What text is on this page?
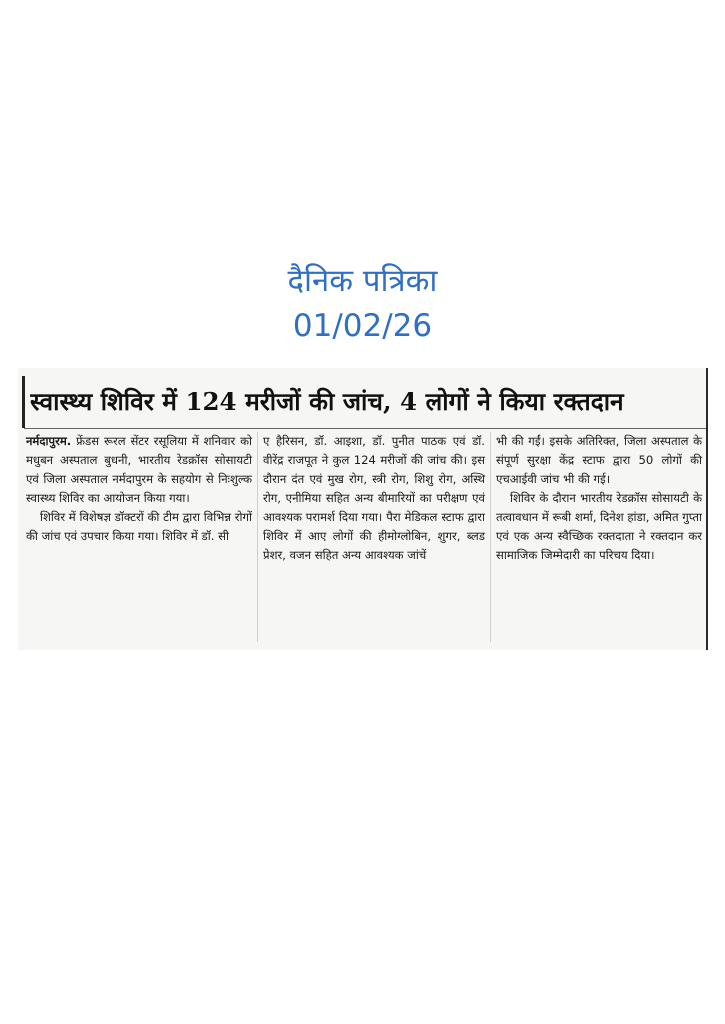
दैनिक पत्रिका
01/02/26
स्वास्थ्य शिविर में 124 मरीजों की जांच, 4 लोगों ने किया रक्तदान

नर्मदापुरम. फ्रेंडस रूरल सेंटर रसूलिया में शनिवार को मधुबन अस्पताल बुधनी, भारतीय रेडक्रॉस सोसायटी एवं जिला अस्पताल नर्मदापुरम के सहयोग से निःशुल्क स्वास्थ्य शिविर का आयोजन किया गया।

शिविर में विशेषज्ञ डॉक्टरों की टीम द्वारा विभिन्न रोगों की जांच एवं उपचार किया गया। शिविर में डॉ. सी

ए हैरिसन, डॉ. आइशा, डॉ. पुनीत पाठक एवं डॉ. वीरेंद्र राजपूत ने कुल 124 मरीजों की जांच की। इस दौरान दंत एवं मुख रोग, स्त्री रोग, शिशु रोग, अस्थि रोग, एनीमिया सहित अन्य बीमारियों का परीक्षण एवं आवश्यक परामर्श दिया गया। पैरा मेडिकल स्टाफ द्वारा शिविर में आए लोगों की हीमोग्लोबिन, शुगर, ब्लड प्रेशर, वजन सहित अन्य आवश्यक जांचें

भी की गईं। इसके अतिरिक्त, जिला अस्पताल के संपूर्ण सुरक्षा केंद्र स्टाफ द्वारा 50 लोगों की एचआईवी जांच भी की गई।

शिविर के दौरान भारतीय रेडक्रॉस सोसायटी के तत्वावधान में रूबी शर्मा, दिनेश हांडा, अमित गुप्ता एवं एक अन्य स्वैच्छिक रक्तदाता ने रक्तदान कर सामाजिक जिम्मेदारी का परिचय दिया।
